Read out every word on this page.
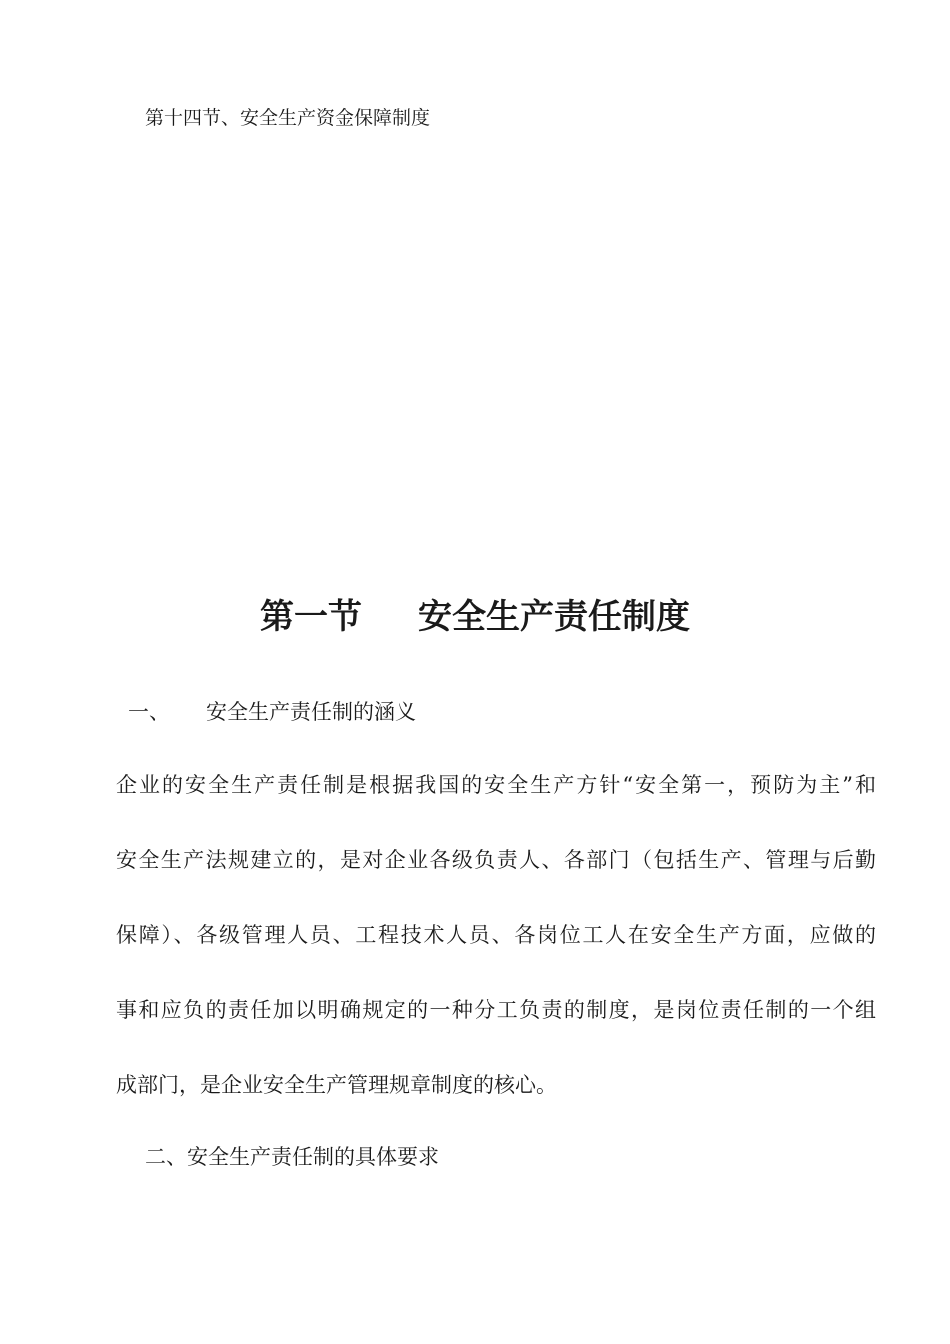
第十四节、安全生产资金保障制度
第一节 安全生产责任制度
一、 安全生产责任制的涵义
企业的安全生产责任制是根据我国的安全生产方针“安全第一，预防为主”和
安全生产法规建立的，是对企业各级负责人、各部门（包括生产、管理与后勤
保障）、各级管理人员、工程技术人员、各岗位工人在安全生产方面，应做的
事和应负的责任加以明确规定的一种分工负责的制度，是岗位责任制的一个组
成部门，是企业安全生产管理规章制度的核心。
二、安全生产责任制的具体要求
